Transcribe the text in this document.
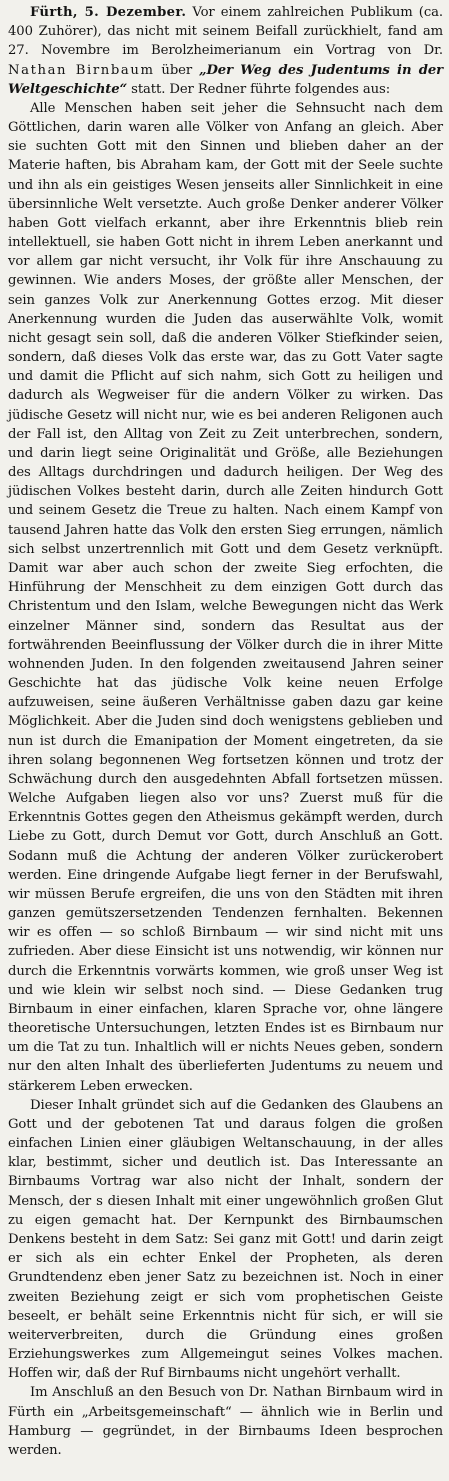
Fürth, 5. Dezember. Vor einem zahlreichen Publikum (ca. 400 Zuhörer), das nicht mit seinem Beifall zurückhielt, fand am 27. Novembre im Berolzheimerianum ein Vortrag von Dr. Nathan Birnbaum über „Der Weg des Judentums in der Weltgeschichte“ statt. Der Redner führte folgendes aus:

Alle Menschen haben seit jeher die Sehnsucht nach dem Göttlichen, darin waren alle Völker von Anfang an gleich. Aber sie suchten Gott mit den Sinnen und blieben daher an der Materie haften, bis Abraham kam, der Gott mit der Seele suchte und ihn als ein geistiges Wesen jenseits aller Sinnlichkeit in eine übersinnliche Welt versetzte. Auch große Denker anderer Völker haben Gott vielfach erkannt, aber ihre Erkenntnis blieb rein intellektuell, sie haben Gott nicht in ihrem Leben anerkannt und vor allem gar nicht versucht, ihr Volk für ihre Anschauung zu gewinnen. Wie anders Moses, der größte aller Menschen, der sein ganzes Volk zur Anerkennung Gottes erzog. Mit dieser Anerkennung wurden die Juden das auserwählte Volk, womit nicht gesagt sein soll, daß die anderen Völker Stiefkinder seien, sondern, daß dieses Volk das erste war, das zu Gott Vater sagte und damit die Pflicht auf sich nahm, sich Gott zu heiligen und dadurch als Wegweiser für die andern Völker zu wirken. Das jüdische Gesetz will nicht nur, wie es bei anderen Religonen auch der Fall ist, den Alltag von Zeit zu Zeit unterbrechen, sondern, und darin liegt seine Originalität und Größe, alle Beziehungen des Alltags durchdringen und dadurch heiligen. Der Weg des jüdischen Volkes besteht darin, durch alle Zeiten hindurch Gott und seinem Gesetz die Treue zu halten. Nach einem Kampf von tausend Jahren hatte das Volk den ersten Sieg errungen, nämlich sich selbst unzertrennlich mit Gott und dem Gesetz verknüpft. Damit war aber auch schon der zweite Sieg erfochten, die Hinführung der Menschheit zu dem einzigen Gott durch das Christentum und den Islam, welche Bewegungen nicht das Werk einzelner Männer sind, sondern das Resultat aus der fortwährenden Beeinflussung der Völker durch die in ihrer Mitte wohnenden Juden. In den folgenden zweitausend Jahren seiner Geschichte hat das jüdische Volk keine neuen Erfolge aufzuweisen, seine äußeren Verhältnisse gaben dazu gar keine Möglichkeit. Aber die Juden sind doch wenigstens geblieben und nun ist durch die Emanipation der Moment eingetreten, da sie ihren solang begonnenen Weg fortsetzen können und trotz der Schwächung durch den ausgedehnten Abfall fortsetzen müssen. Welche Aufgaben liegen also vor uns? Zuerst muß für die Erkenntnis Gottes gegen den Atheismus gekämpft werden, durch Liebe zu Gott, durch Demut vor Gott, durch Anschluß an Gott. Sodann muß die Achtung der anderen Völker zurückerobert werden. Eine dringende Aufgabe liegt ferner in der Berufswahl, wir müssen Berufe ergreifen, die uns von den Städten mit ihren ganzen gemütszersetzenden Tendenzen fernhalten. Bekennen wir es offen — so schloß Birnbaum — wir sind nicht mit uns zufrieden. Aber diese Einsicht ist uns notwendig, wir können nur durch die Erkenntnis vorwärts kommen, wie groß unser Weg ist und wie klein wir selbst noch sind. — Diese Gedanken trug Birnbaum in einer einfachen, klaren Sprache vor, ohne längere theoretische Untersuchungen, letzten Endes ist es Birnbaum nur um die Tat zu tun. Inhaltlich will er nichts Neues geben, sondern nur den alten Inhalt des überlieferten Judentums zu neuem und stärkerem Leben erwecken.

Dieser Inhalt gründet sich auf die Gedanken des Glaubens an Gott und der gebotenen Tat und daraus folgen die großen einfachen Linien einer gläubigen Weltanschauung, in der alles klar, bestimmt, sicher und deutlich ist. Das Interessante an Birnbaums Vortrag war also nicht der Inhalt, sondern der Mensch, der s diesen Inhalt mit einer ungewöhnlich großen Glut zu eigen gemacht hat. Der Kernpunkt des Birnbaumschen Denkens besteht in dem Satz: Sei ganz mit Gott! und darin zeigt er sich als ein echter Enkel der Propheten, als deren Grundtendenz eben jener Satz zu bezeichnen ist. Noch in einer zweiten Beziehung zeigt er sich vom prophetischen Geiste beseelt, er behält seine Erkenntnis nicht für sich, er will sie weiterverbreiten, durch die Gründung eines großen Erziehungswerkes zum Allgemeingut seines Volkes machen. Hoffen wir, daß der Ruf Birnbaums nicht ungehört verhallt.

Im Anschluß an den Besuch von Dr. Nathan Birnbaum wird in Fürth ein „Arbeitsgemeinschaft“ — ähnlich wie in Berlin und Hamburg — gegründet, in der Birnbaums Ideen besprochen werden.
